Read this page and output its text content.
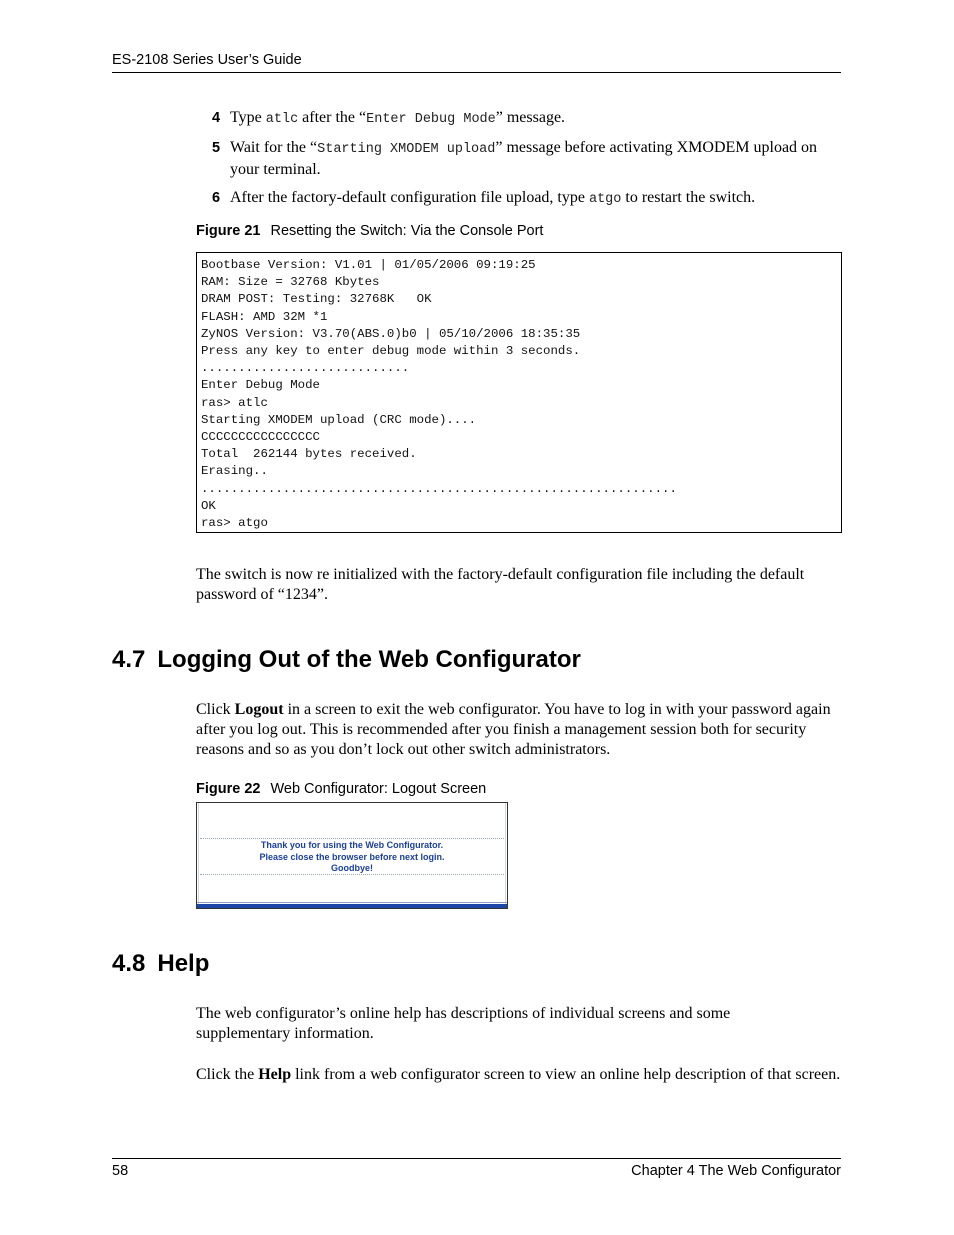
ES-2108 Series User’s Guide
4 Type atlc after the “Enter Debug Mode” message.
5 Wait for the “Starting XMODEM upload” message before activating XMODEM upload on your terminal.
6 After the factory-default configuration file upload, type atgo to restart the switch.
Figure 21 Resetting the Switch: Via the Console Port
Bootbase Version: V1.01 | 01/05/2006 09:19:25
RAM: Size = 32768 Kbytes
DRAM POST: Testing: 32768K   OK
FLASH: AMD 32M *1
ZyNOS Version: V3.70(ABS.0)b0 | 05/10/2006 18:35:35
Press any key to enter debug mode within 3 seconds.
............................
Enter Debug Mode
ras> atlc
Starting XMODEM upload (CRC mode)....
CCCCCCCCCCCCCCCC
Total  262144 bytes received.
Erasing..
................................................................
OK
ras> atgo
The switch is now re initialized with the factory-default configuration file including the default password of “1234”.
4.7 Logging Out of the Web Configurator
Click Logout in a screen to exit the web configurator. You have to log in with your password again after you log out. This is recommended after you finish a management session both for security reasons and so as you don’t lock out other switch administrators.
Figure 22 Web Configurator: Logout Screen
Thank you for using the Web Configurator.
Please close the browser before next login.
Goodbye!
4.8 Help
The web configurator’s online help has descriptions of individual screens and some supplementary information.
Click the Help link from a web configurator screen to view an online help description of that screen.
58	Chapter 4 The Web Configurator
